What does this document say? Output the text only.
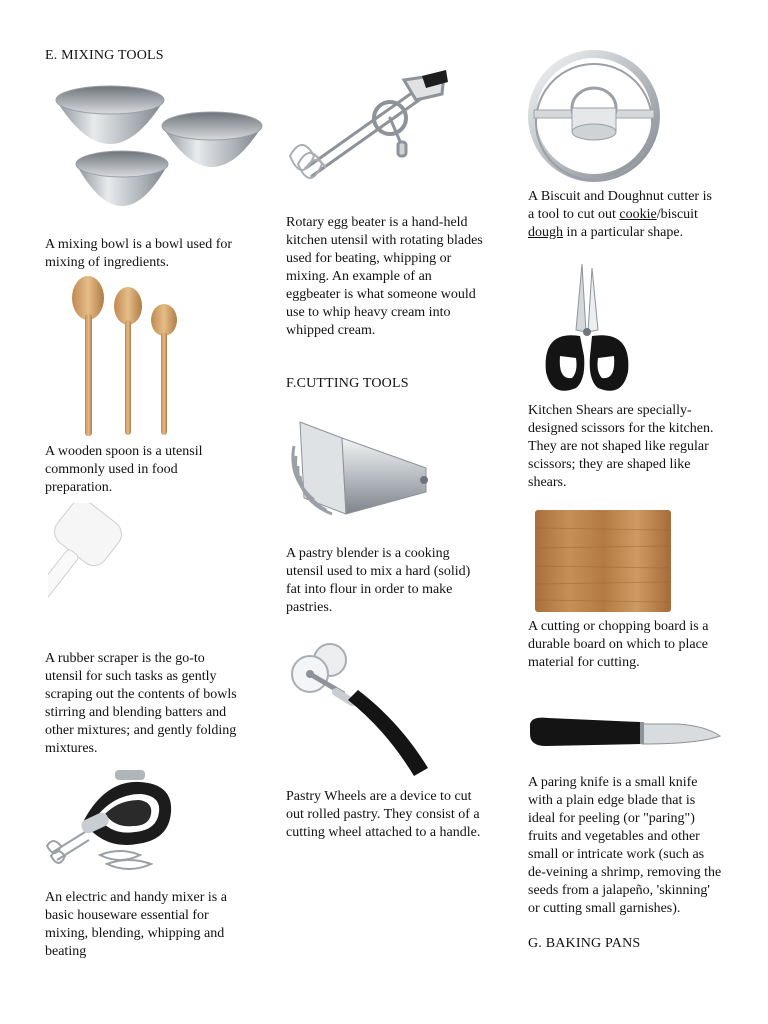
E. MIXING TOOLS
A mixing bowl is a bowl used for mixing of ingredients.
A wooden spoon is a utensil commonly used in food preparation.
A rubber scraper is the go-to utensil for such tasks as gently scraping out the contents of bowls stirring and blending batters and other mixtures; and gently folding mixtures.
An electric and handy mixer is a basic houseware essential for mixing, blending, whipping and beating
Rotary egg beater is a hand-held kitchen utensil with rotating blades used for beating, whipping or mixing. An example of an eggbeater is what someone would use to whip heavy cream into whipped cream.
F.CUTTING TOOLS
A pastry blender is a cooking utensil used to mix a hard (solid) fat into flour in order to make pastries.
Pastry Wheels are a device to cut out rolled pastry. They consist of a cutting wheel attached to a handle.
A Biscuit and Doughnut cutter is a tool to cut out cookie/biscuit dough in a particular shape.
Kitchen Shears are specially-designed scissors for the kitchen. They are not shaped like regular scissors; they are shaped like shears.
A cutting or chopping board is a durable board on which to place material for cutting.
A paring knife is a small knife with a plain edge blade that is ideal for peeling (or "paring") fruits and vegetables and other small or intricate work (such as de-veining a shrimp, removing the seeds from a jalapeño, 'skinning' or cutting small garnishes).
G. BAKING PANS
